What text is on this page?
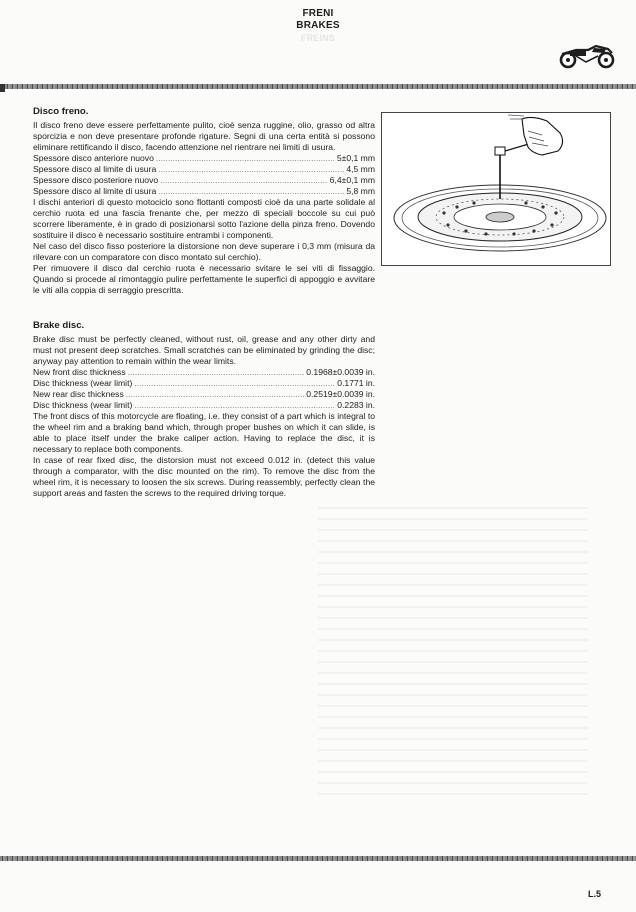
FRENI
BRAKES
FREINS
Disco freno.

Il disco freno deve essere perfettamente pulito, cioè senza ruggine, olio, grasso od altra sporcizia e non deve presentare profonde rigature. Segni di una certa entità si possono eliminare rettificando il disco, facendo attenzione nel rientrare nei limiti di usura.

Spessore disco anteriore nuovo .....	5±0,1 mm
Spessore disco al limite di usura .....	4,5 mm
Spessore disco posteriore nuovo .....	6,4±0,1 mm
Spessore disco al limite di usura .....	5,8 mm

I dischi anteriori di questo motociclo sono flottanti composti cioè da una parte solidale al cerchio ruota ed una fascia frenante che, per mezzo di speciali boccole su cui può scorrere liberamente, è in grado di posizionarsi sotto l'azione della pinza freno. Dovendo sostituire il disco è necessario sostituire entrambi i componenti.

Nel caso del disco fisso posteriore la distorsione non deve superare i 0,3 mm (misura da rilevare con un comparatore con disco montato sul cerchio).

Per rimuovere il disco dal cerchio ruota è necessario svitare le sei viti di fissaggio. Quando si procede al rimontaggio pulire perfettamente le superfici di appoggio e avvitare le viti alla coppia di serraggio prescritta.

Brake disc.

Brake disc must be perfectly cleaned, without rust, oil, grease and any other dirty and must not present deep scratches. Small scratches can be eliminated by grinding the disc; anyway pay attention to remain within the wear limits.

New front disc thickness .....	0.1968±0.0039 in.
Disc thickness (wear limit) .....	0.1771 in.
New rear disc thickness .....	0.2519±0.0039 in.
Disc thickness (wear limit) .....	0.2283 in.

The front discs of this motorcycle are floating, i.e. they consist of a part which is integral to the wheel rim and a braking band which, through proper bushes on which it can slide, is able to place itself under the brake caliper action. Having to replace the disc, it is necessary to replace both components.

In case of rear fixed disc, the distorsion must not exceed 0.012 in. (detect this value through a comparator, with the disc mounted on the rim). To remove the disc from the wheel rim, it is necessary to loosen the six screws. During reassembly, perfectly clean the support areas and fasten the screws to the required driving torque.

L.5
